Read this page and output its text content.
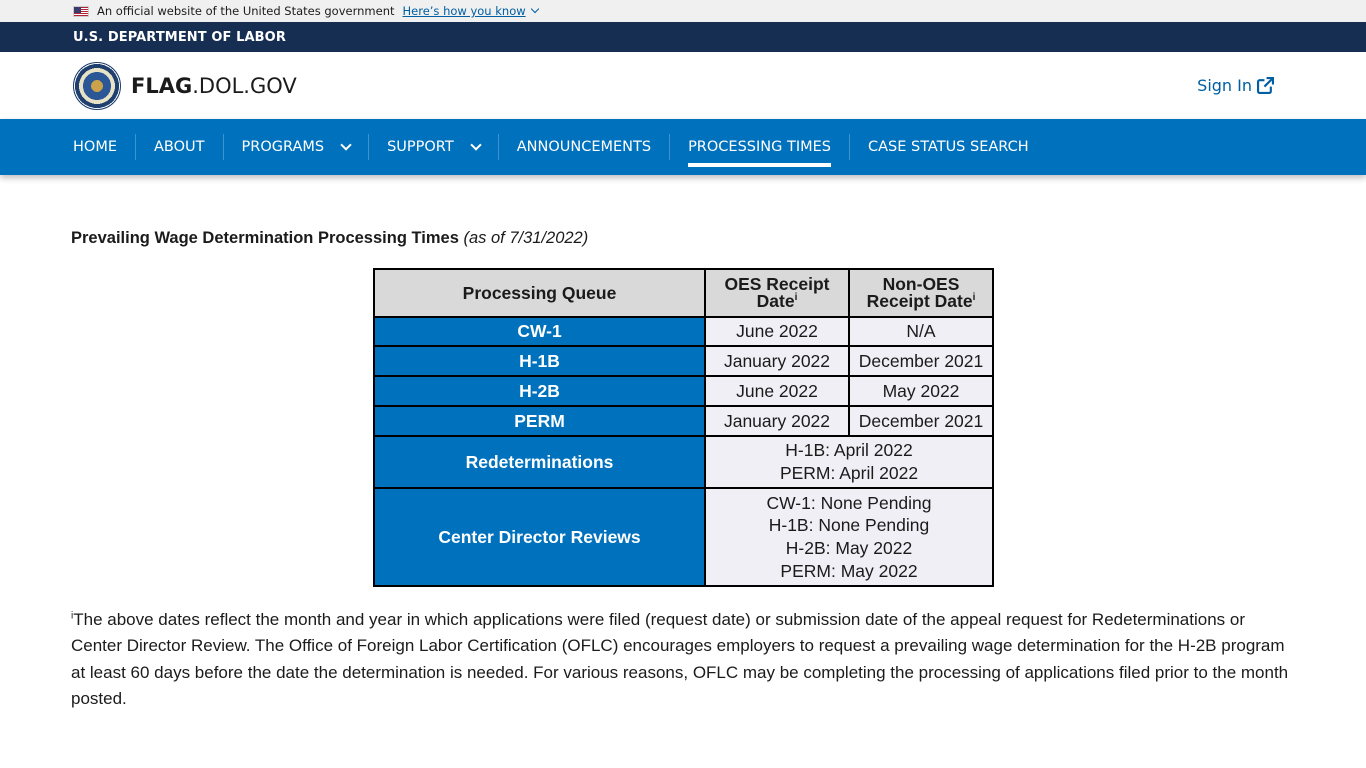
An official website of the United States government Here’s how you know
U.S. DEPARTMENT OF LABOR
FLAG.DOL.GOV	Sign In
HOME	ABOUT	PROGRAMS	SUPPORT	ANNOUNCEMENTS	PROCESSING TIMES	CASE STATUS SEARCH
Prevailing Wage Determination Processing Times (as of 7/31/2022)
Processing Queue	OES Receipt Date$^i$	Non-OES Receipt Date$^i$
CW-1	June 2022	N/A
H-1B	January 2022	December 2021
H-2B	June 2022	May 2022
PERM	January 2022	December 2021
Redeterminations	H-1B: April 2022
PERM: April 2022	

Center Director Reviews	CW-1: None Pending
H-1B: None Pending
H-2B: May 2022
PERM: May 2022	

$^i$The above dates reflect the month and year in which applications were filed (request date) or submission date of the appeal request for Redeterminations or Center Director Review. The Office of Foreign Labor Certification (OFLC) encourages employers to request a prevailing wage determination for the H-2B program at least 60 days before the date the determination is needed. For various reasons, OFLC may be completing the processing of applications filed prior to the month posted.
